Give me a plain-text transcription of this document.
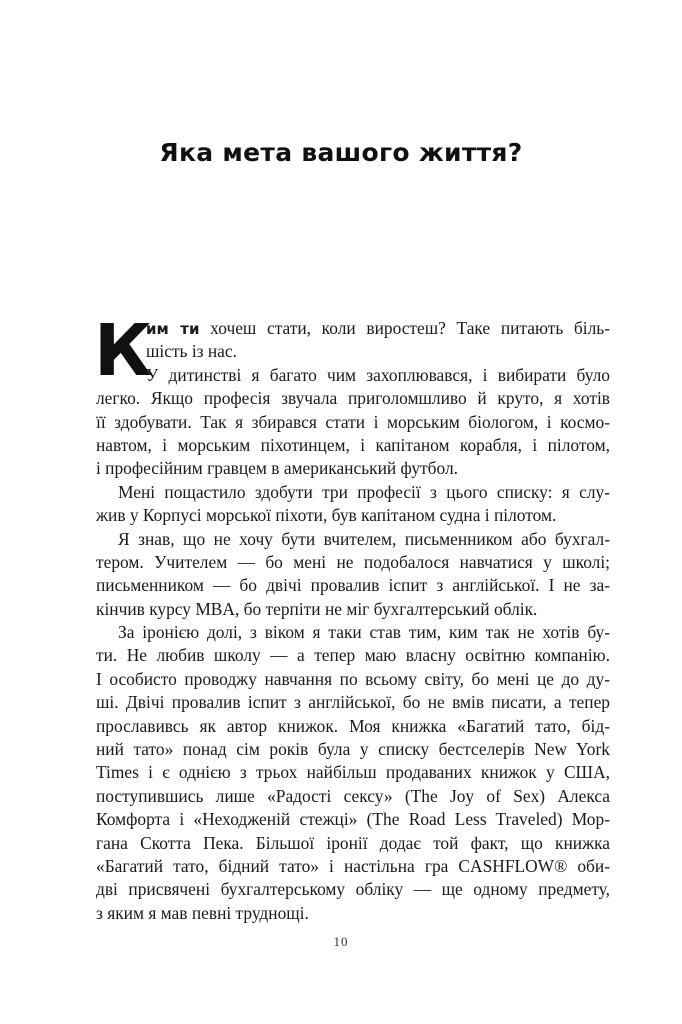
Яка мета вашого життя?
К
им ти хочеш стати, коли виростеш? Таке питають біль-
шість із нас.
У дитинстві я багато чим захоплювався, і вибирати було
легко. Якщо професія звучала приголомшливо й круто, я хотів
її здобувати. Так я збирався стати і морським біологом, і космо-
навтом, і морським піхотинцем, і капітаном корабля, і пілотом,
і професійним гравцем в американський футбол.
Мені пощастило здобути три професії з цього списку: я слу-
жив у Корпусі морської піхоти, був капітаном судна і пілотом.
Я знав, що не хочу бути вчителем, письменником або бухгал-
тером. Учителем — бо мені не подобалося навчатися у школі;
письменником — бо двічі провалив іспит з англійської. І не за-
кінчив курсу MBA, бо терпіти не міг бухгалтерський облік.
За іронією долі, з віком я таки став тим, ким так не хотів бу-
ти. Не любив школу — а тепер маю власну освітню компанію.
І особисто проводжу навчання по всьому світу, бо мені це до ду-
ші. Двічі провалив іспит з англійської, бо не вмів писати, а тепер
прославивсь як автор книжок. Моя книжка «Багатий тато, бід-
ний тато» понад сім років була у списку бестселерів New York
Times і є однією з трьох найбільш продаваних книжок у США,
поступившись лише «Радості сексу» (The Joy of Sex) Алекса
Комфорта і «Неходженій стежці» (The Road Less Traveled) Мор-
гана Скотта Пека. Більшої іронії додає той факт, що книжка
«Багатий тато, бідний тато» і настільна гра CASHFLOW® оби-
дві присвячені бухгалтерському обліку — ще одному предмету,
з яким я мав певні труднощі.
10
